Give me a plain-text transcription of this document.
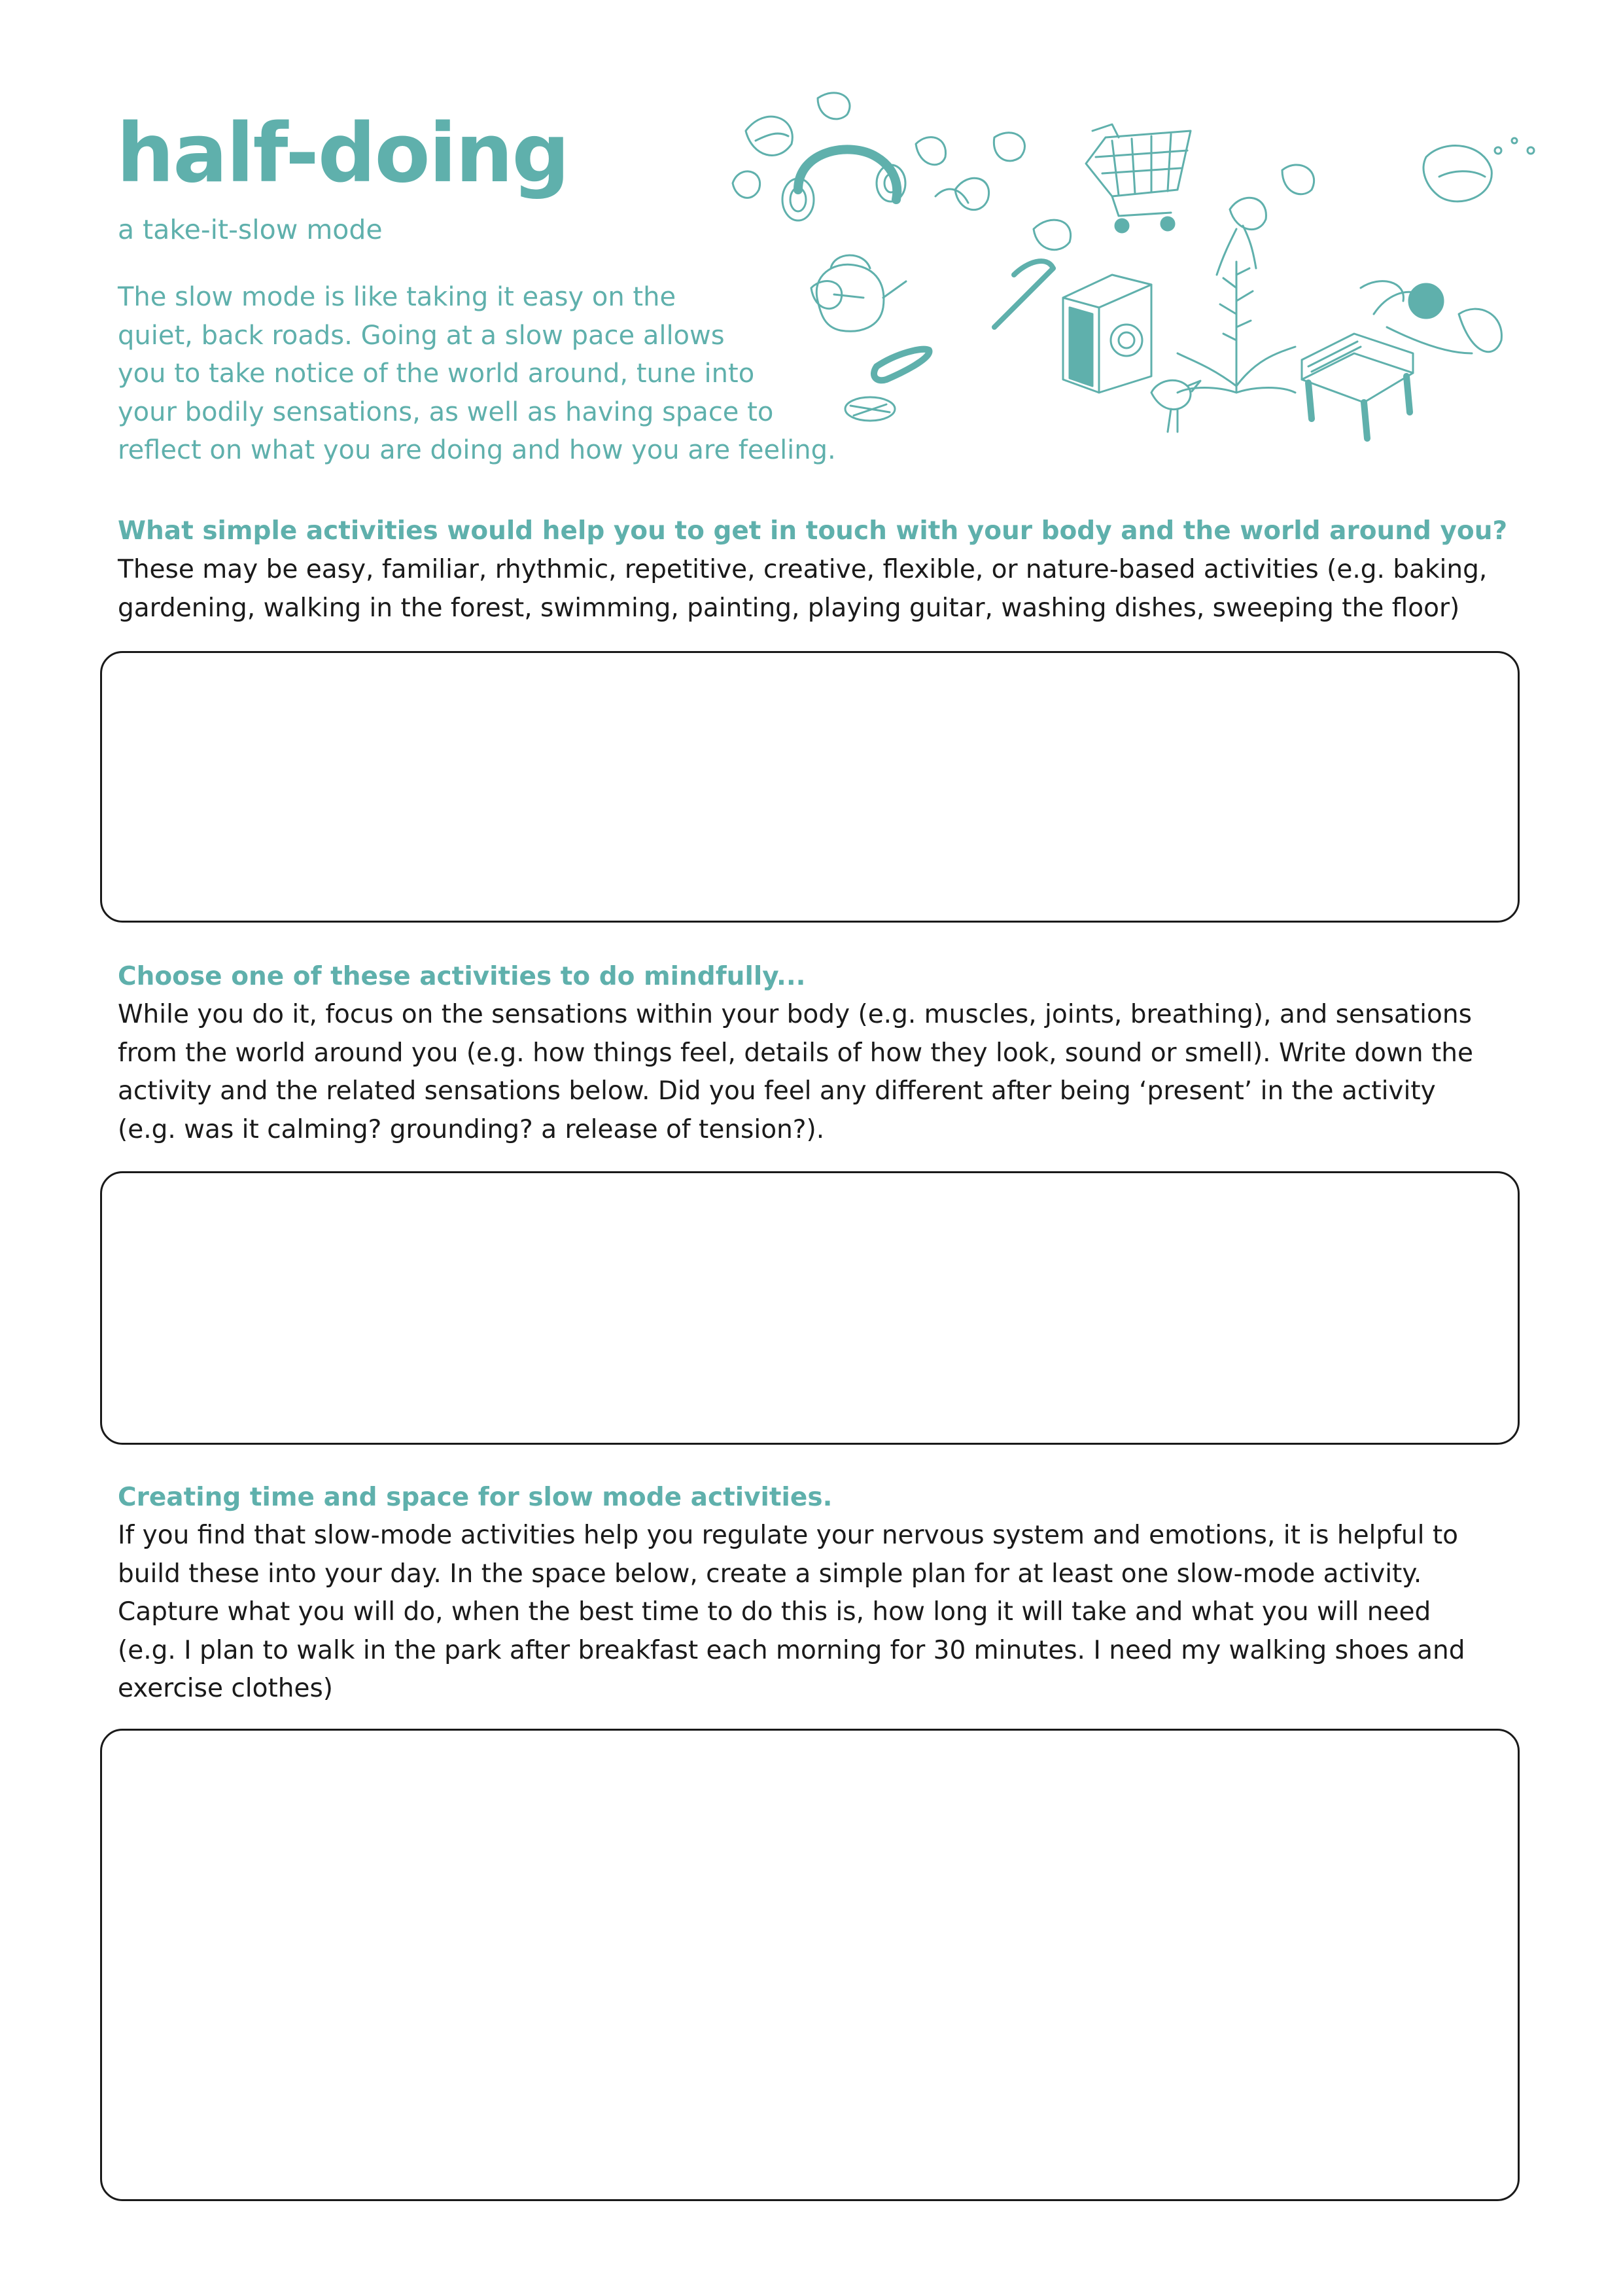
half-doing

a take-it-slow mode

The slow mode is like taking it easy on the
quiet, back roads. Going at a slow pace allows
you to take notice of the world around, tune into
your bodily sensations, as well as having space to
reflect on what you are doing and how you are feeling.

What simple activities would help you to get in touch with your body and the world around you?

These may be easy, familiar, rhythmic, repetitive, creative, flexible, or nature-based activities (e.g. baking,
gardening, walking in the forest, swimming, painting, playing guitar, washing dishes, sweeping the floor)

Choose one of these activities to do mindfully...

While you do it, focus on the sensations within your body (e.g. muscles, joints, breathing), and sensations
from the world around you (e.g. how things feel, details of how they look, sound or smell). Write down the
activity and the related sensations below. Did you feel any different after being ‘present’ in the activity
(e.g. was it calming? grounding? a release of tension?).

Creating time and space for slow mode activities.

If you find that slow-mode activities help you regulate your nervous system and emotions, it is helpful to
build these into your day. In the space below, create a simple plan for at least one slow-mode activity.
Capture what you will do, when the best time to do this is, how long it will take and what you will need
(e.g. I plan to walk in the park after breakfast each morning for 30 minutes. I need my walking shoes and
exercise clothes)
